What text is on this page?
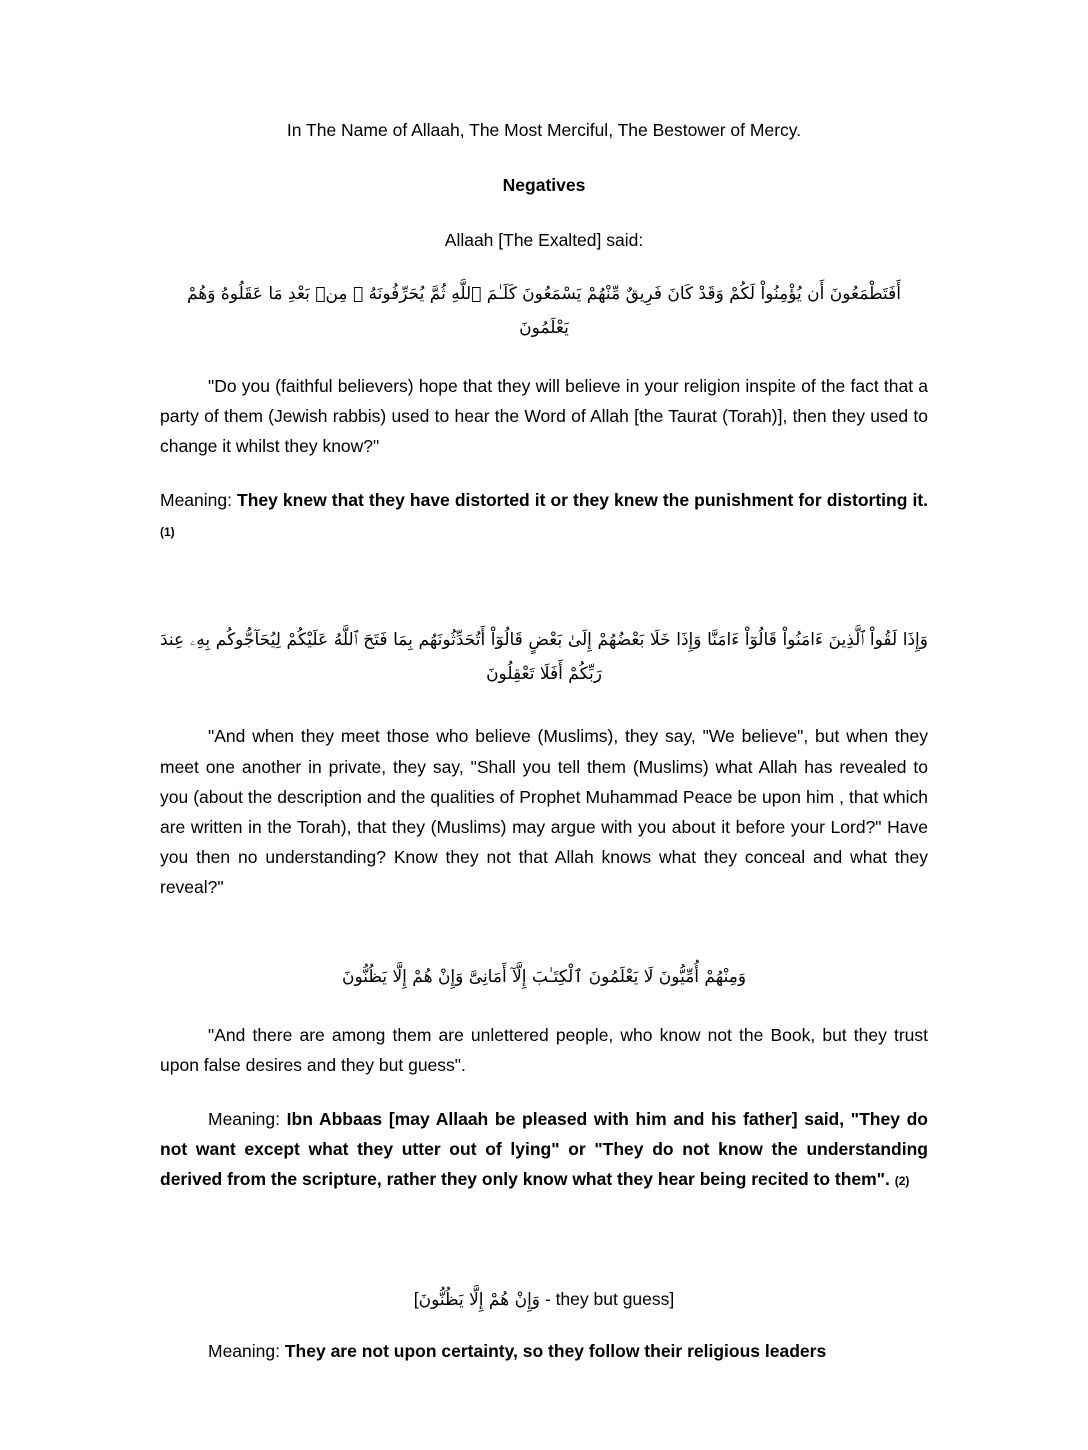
In The Name of Allaah, The Most Merciful, The Bestower of Mercy.

Negatives

Allaah [The Exalted] said:

أَفَتَطْمَعُونَ أَن يُؤْمِنُواْ لَكُمْ وَقَدْ كَانَ فَرِيقٌ مِّنْهُمْ يَسْمَعُونَ كَلَـٰمَ ٱللَّهِ ثُمَّ يُحَرِّفُونَهُ ۥ مِنۢ بَعْدِ مَا عَقَلُوهُ وَهُمْ يَعْلَمُونَ

"Do you (faithful believers) hope that they will believe in your religion inspite of the fact that a party of them (Jewish rabbis) used to hear the Word of Allah [the Taurat (Torah)], then they used to change it whilst they know?"

Meaning: They knew that they have distorted it or they knew the punishment for distorting it. (1)

وَإِذَا لَقُواْ ٱلَّذِينَ ءَامَنُواْ قَالُوٓاْ ءَامَنَّا وَإِذَا خَلَا بَعْضُهُمْ إِلَىٰ بَعْضٍ قَالُوٓاْ أَتُحَدِّثُونَهُم بِمَا فَتَحَ ٱللَّهُ عَلَيْكُمْ لِيُحَآجُّوكُم بِهِۦ عِندَ رَبِّكُمْ أَفَلَا تَعْقِلُونَ

"And when they meet those who believe (Muslims), they say, "We believe", but when they meet one another in private, they say, "Shall you tell them (Muslims) what Allah has revealed to you (about the description and the qualities of Prophet Muhammad Peace be upon him , that which are written in the Torah), that they (Muslims) may argue with you about it before your Lord?" Have you then no understanding? Know they not that Allah knows what they conceal and what they reveal?"

وَمِنْهُمْ أُمِّيُّونَ لَا يَعْلَمُونَ ٱلْكِتَـٰبَ إِلَّآ أَمَانِىَّ وَإِنْ هُمْ إِلَّا يَظُنُّونَ

"And there are among them are unlettered people, who know not the Book, but they trust upon false desires and they but guess".

Meaning: Ibn Abbaas [may Allaah be pleased with him and his father] said, "They do not want except what they utter out of lying" or "They do not know the understanding derived from the scripture, rather they only know what they hear being recited to them". (2)

[وَإِنْ هُمْ إِلَّا يَظُنُّونَ - they but guess]

Meaning: They are not upon certainty, so they follow their religious leaders
